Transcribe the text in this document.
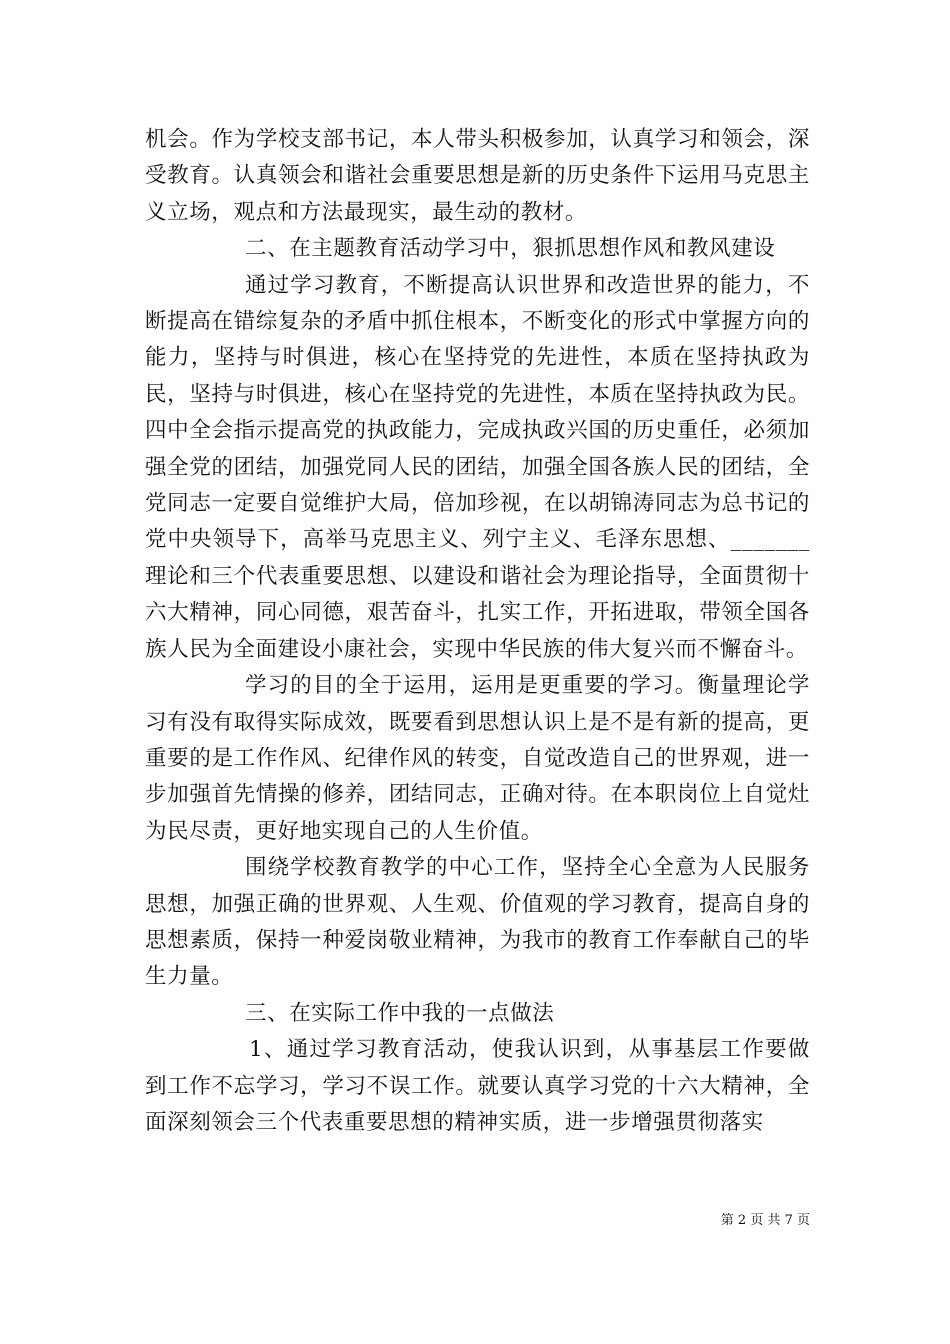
机会。作为学校支部书记，本人带头积极参加，认真学习和领会，深受教育。认真领会和谐社会重要思想是新的历史条件下运用马克思主义立场，观点和方法最现实，最生动的教材。

二、在主题教育活动学习中，狠抓思想作风和教风建设

通过学习教育，不断提高认识世界和改造世界的能力，不断提高在错综复杂的矛盾中抓住根本，不断变化的形式中掌握方向的能力，坚持与时俱进，核心在坚持党的先进性，本质在坚持执政为民，坚持与时俱进，核心在坚持党的先进性，本质在坚持执政为民。四中全会指示提高党的执政能力，完成执政兴国的历史重任，必须加强全党的团结，加强党同人民的团结，加强全国各族人民的团结，全党同志一定要自觉维护大局，倍加珍视，在以胡锦涛同志为总书记的党中央领导下，高举马克思主义、列宁主义、毛泽东思想、_______理论和三个代表重要思想、以建设和谐社会为理论指导，全面贯彻十六大精神，同心同德，艰苦奋斗，扎实工作，开拓进取，带领全国各族人民为全面建设小康社会，实现中华民族的伟大复兴而不懈奋斗。

学习的目的全于运用，运用是更重要的学习。衡量理论学习有没有取得实际成效，既要看到思想认识上是不是有新的提高，更重要的是工作作风、纪律作风的转变，自觉改造自己的世界观，进一步加强首先情操的修养，团结同志，正确对待。在本职岗位上自觉灶为民尽责，更好地实现自己的人生价值。

围绕学校教育教学的中心工作，坚持全心全意为人民服务思想，加强正确的世界观、人生观、价值观的学习教育，提高自身的思想素质，保持一种爱岗敬业精神，为我市的教育工作奉献自己的毕生力量。

三、在实际工作中我的一点做法

1、通过学习教育活动，使我认识到，从事基层工作要做到工作不忘学习，学习不误工作。就要认真学习党的十六大精神，全面深刻领会三个代表重要思想的精神实质，进一步增强贯彻落实

第 2 页 共 7 页
